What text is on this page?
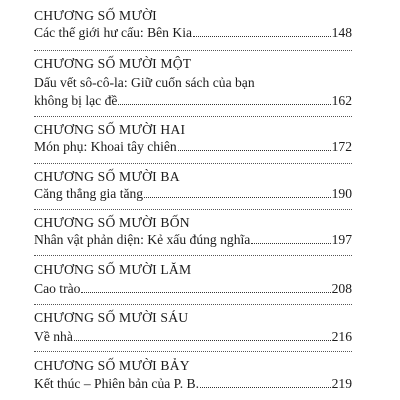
CHƯƠNG SỐ MƯỜI
Các thế giới hư cấu: Bên Kia	148
CHƯƠNG SỐ MƯỜI MỘT
Dấu vết sô-cô-la: Giữ cuốn sách của bạn
không bị lạc đề	162
CHƯƠNG SỐ MƯỜI HAI
Món phụ: Khoai tây chiên	172
CHƯƠNG SỐ MƯỜI BA
Căng thẳng gia tăng	190
CHƯƠNG SỐ MƯỜI BỐN
Nhân vật phản diện: Kẻ xấu đúng nghĩa	197
CHƯƠNG SỐ MƯỜI LĂM
Cao trào	208
CHƯƠNG SỐ MƯỜI SÁU
Về nhà	216
CHƯƠNG SỐ MƯỜI BẢY
Kết thúc – Phiên bản của P. B.	219
